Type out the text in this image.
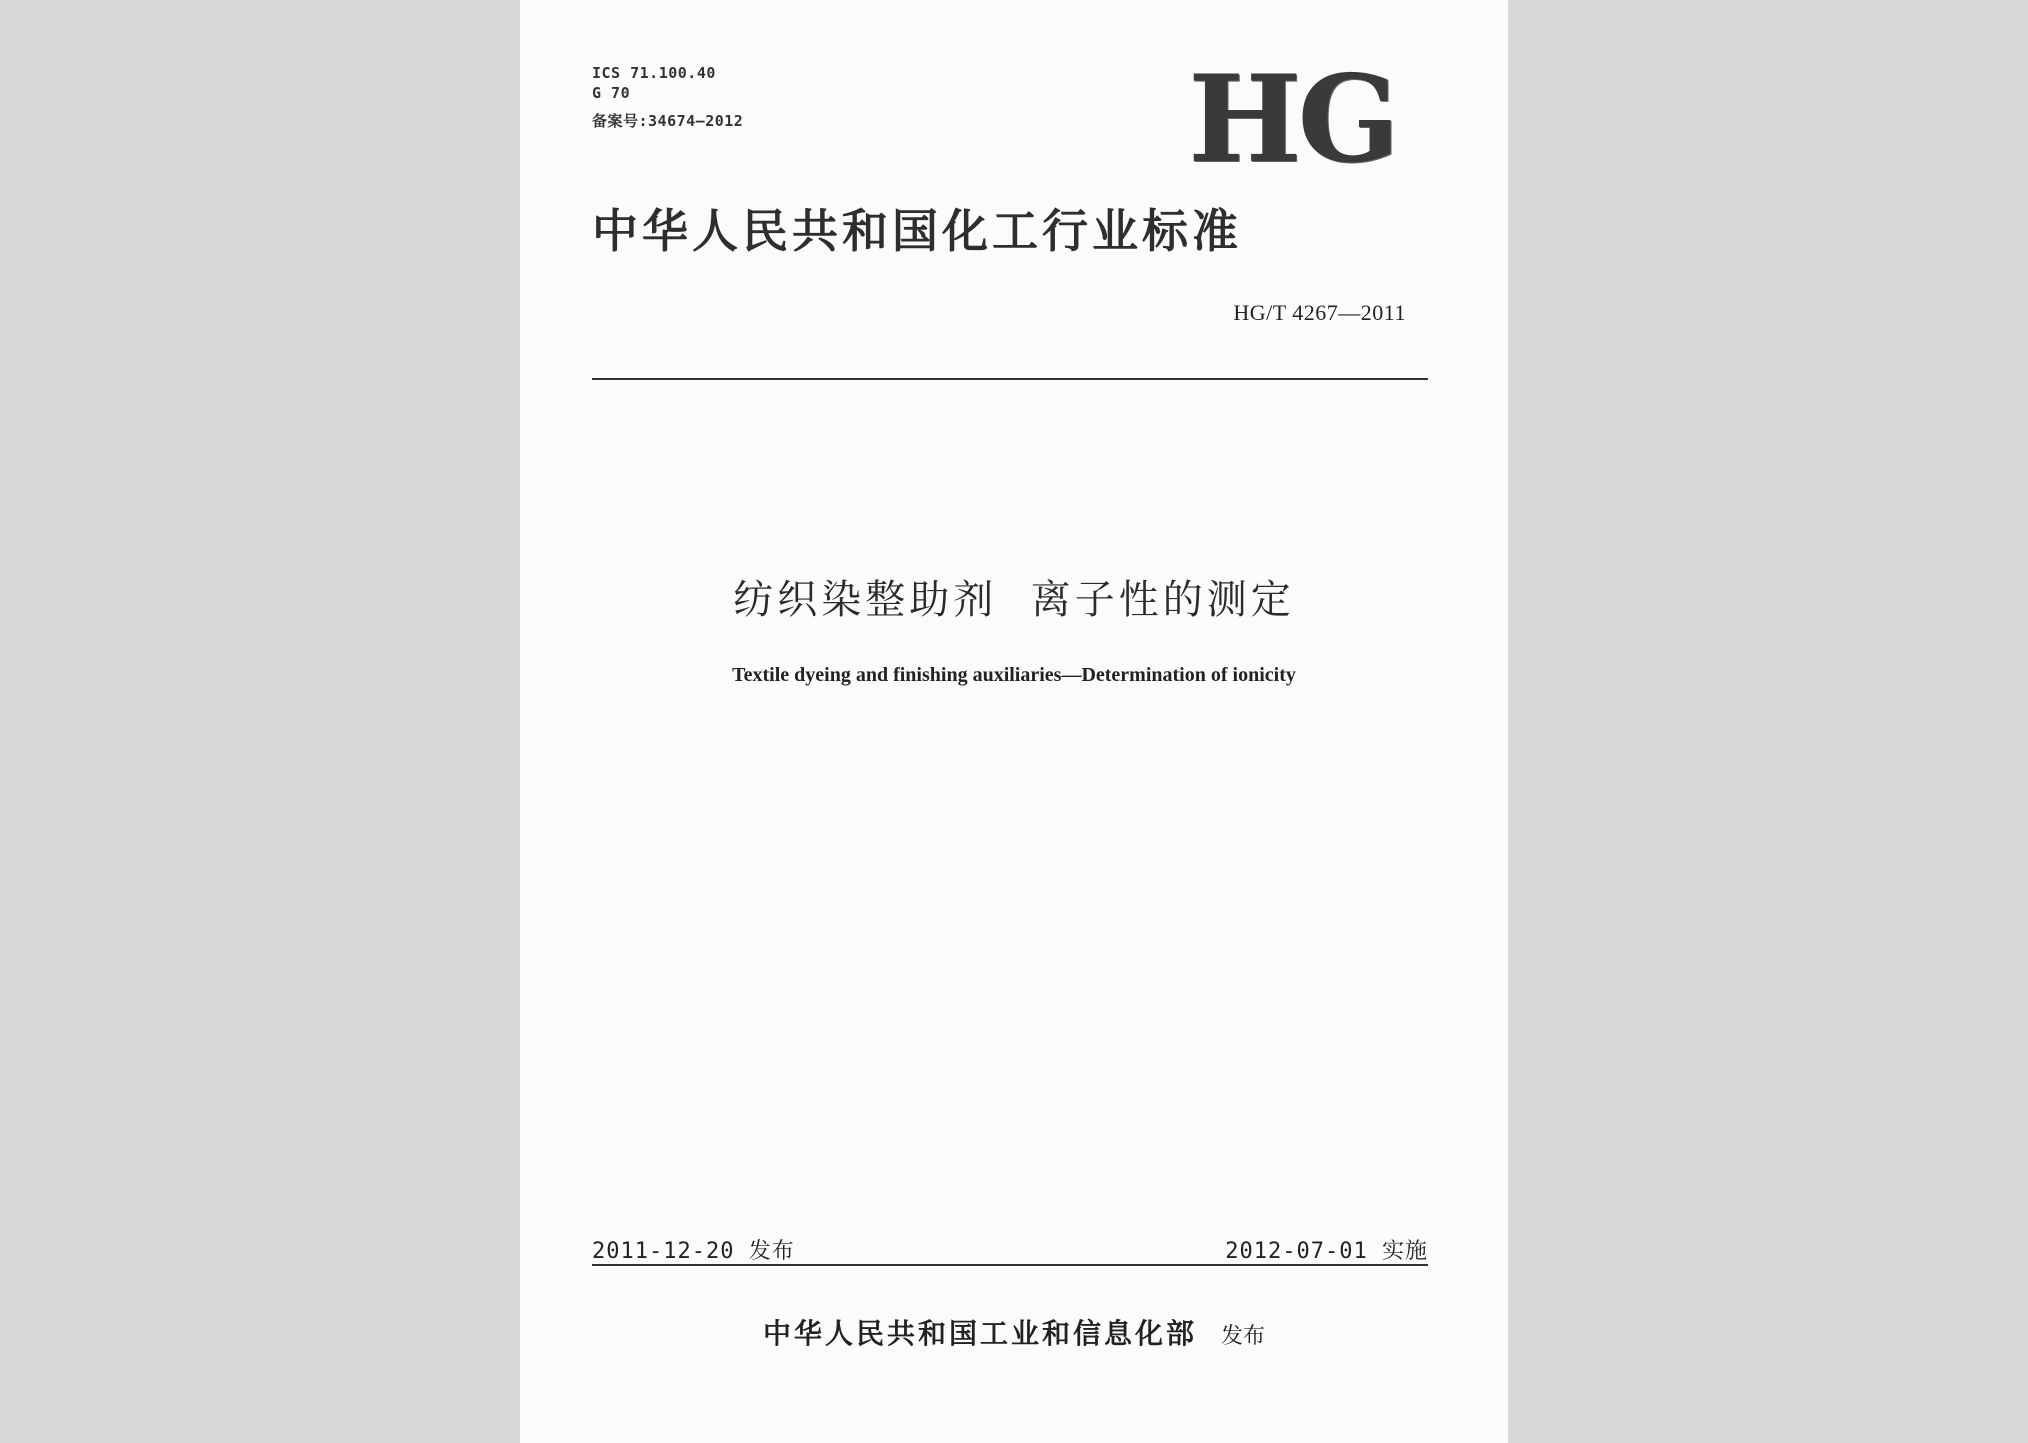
ICS 71.100.40
G 70
备案号:34674—2012	HG
中华人民共和国化工行业标准
HG/T 4267—2011
纺织染整助剂  离子性的测定
Textile dyeing and finishing auxiliaries—Determination of ionicity
2011-12-20 发布	2012-07-01 实施
中华人民共和国工业和信息化部 发布
